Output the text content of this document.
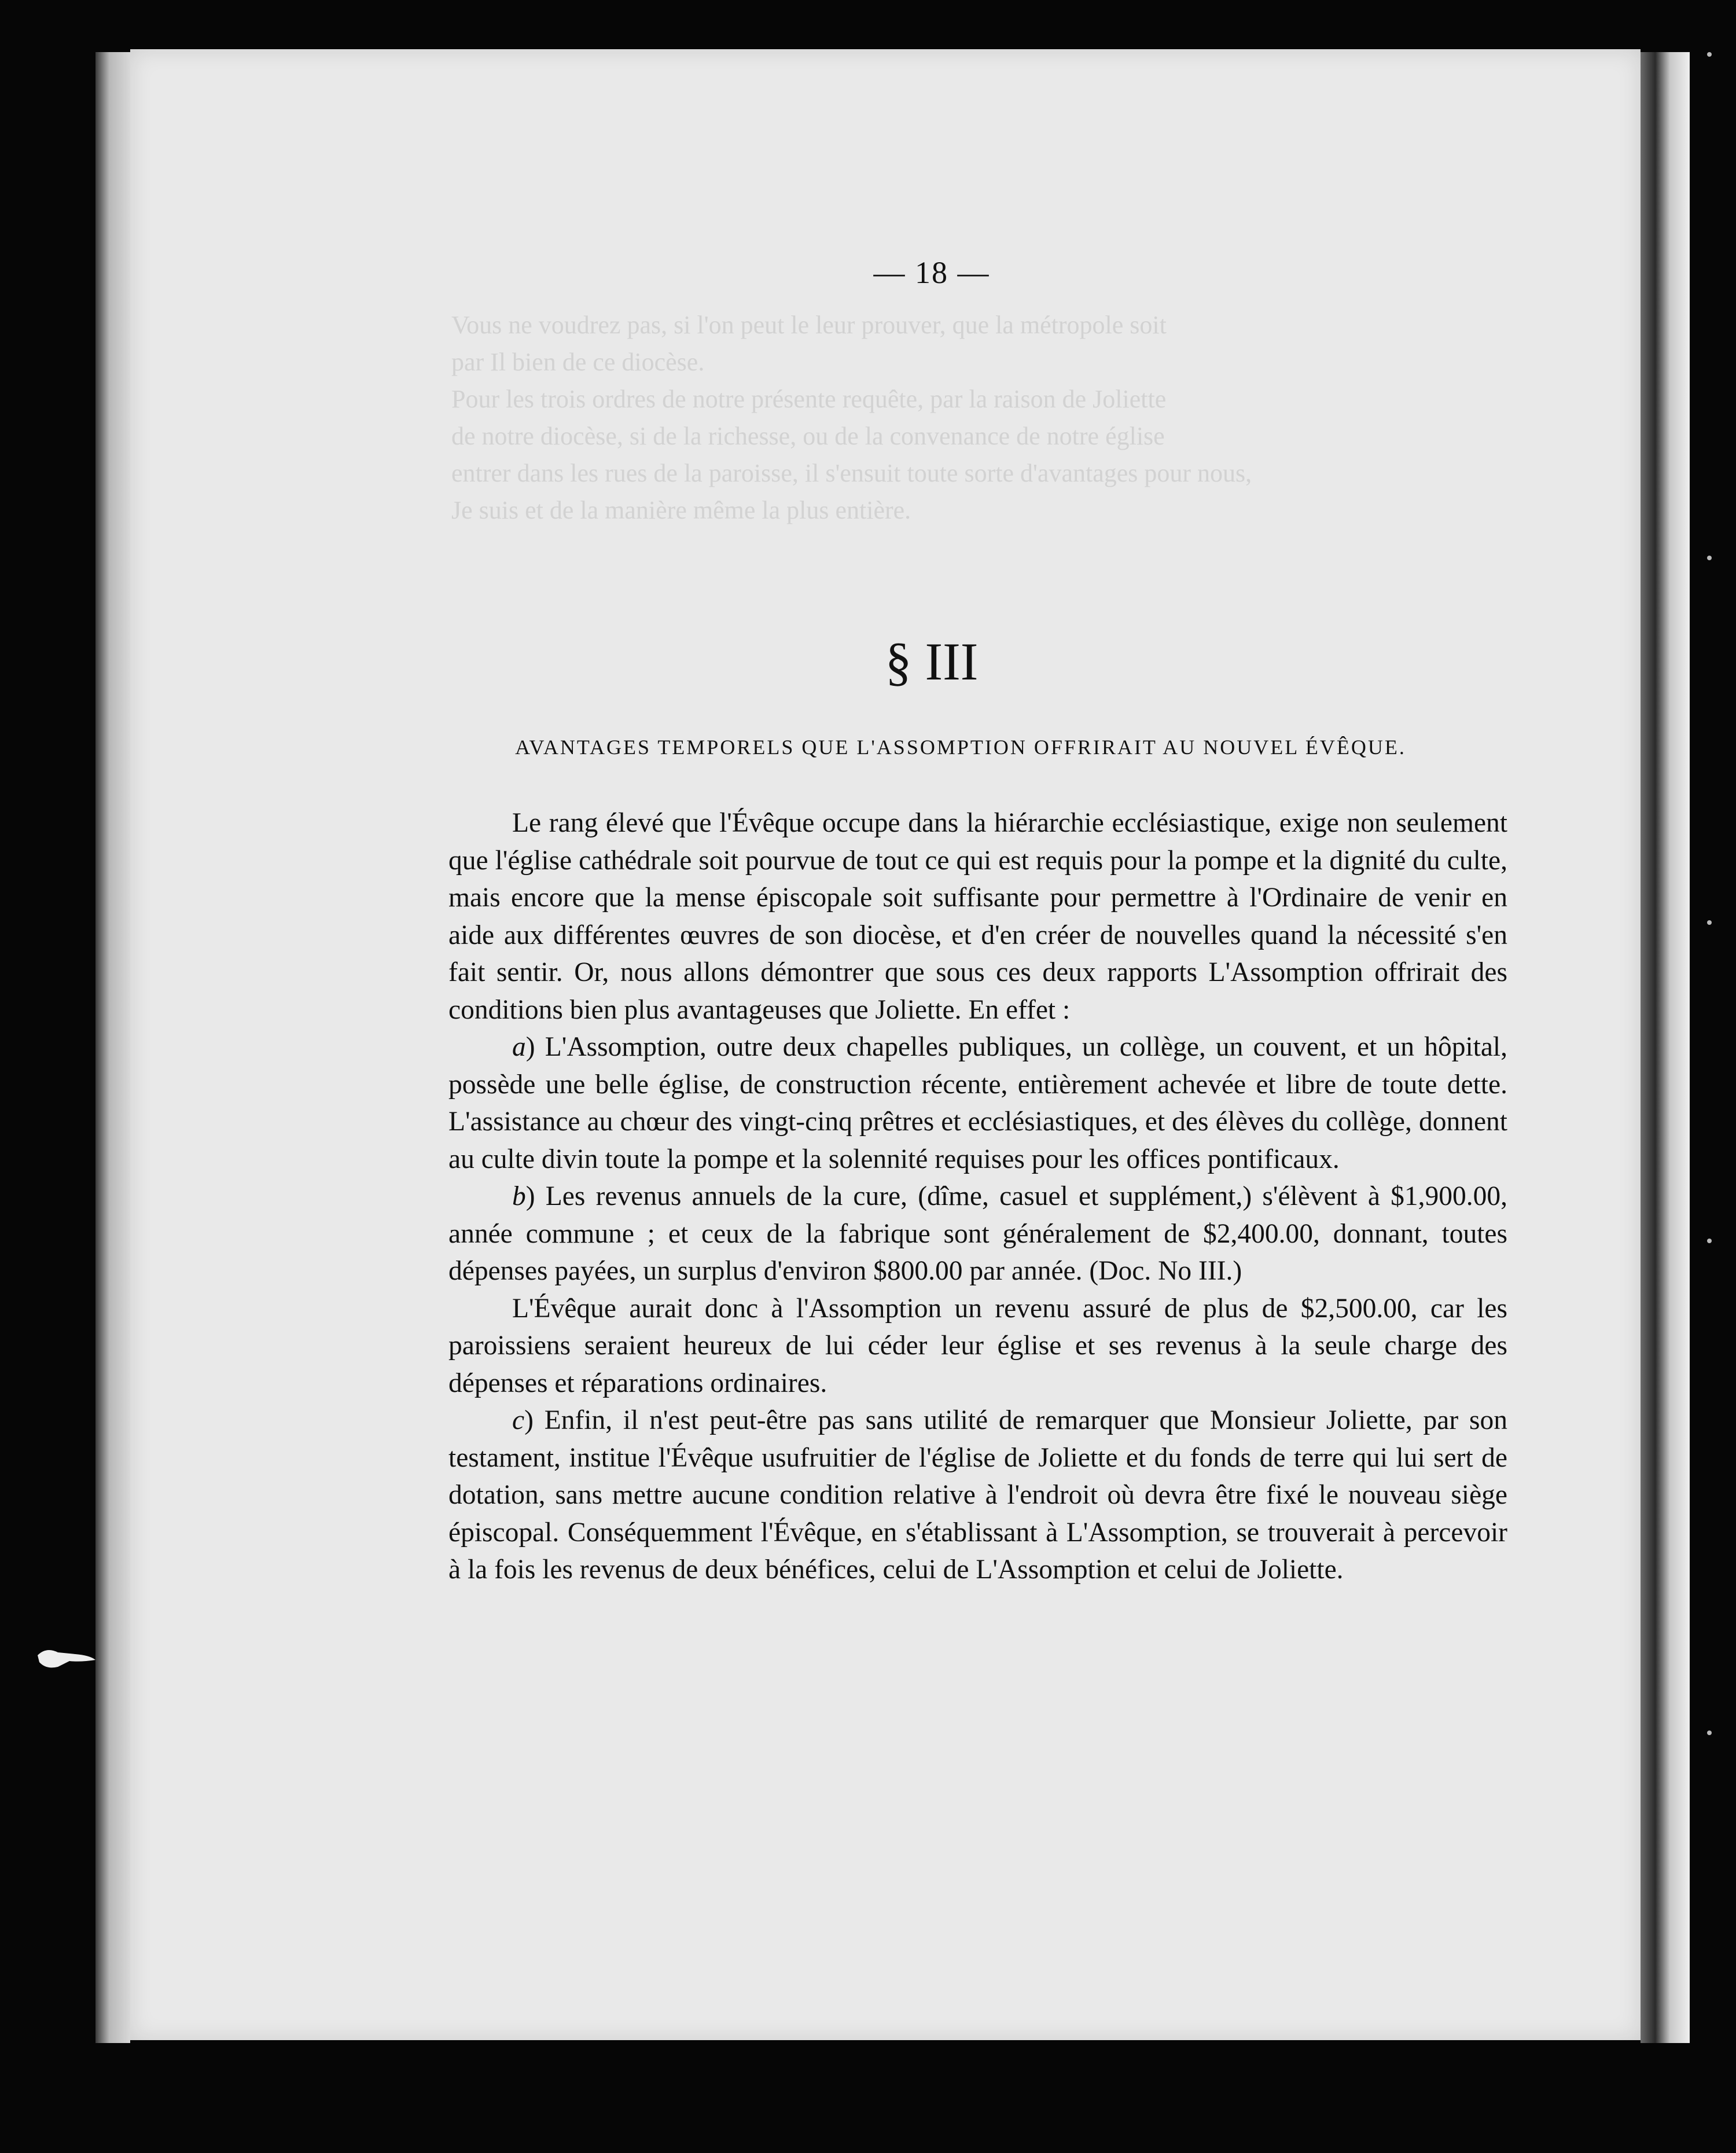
Vous ne voudrez pas, si l'on peut le leur prouver, que la métropole soit
par Il bien de ce diocèse.
Pour les trois ordres de notre présente requête, par la raison de Joliette
de notre diocèse, si de la richesse, ou de la convenance de notre église
entrer dans les rues de la paroisse, il s'ensuit toute sorte d'avantages pour nous,
Je suis et de la manière même la plus entière.
— 18 —
§ III
AVANTAGES TEMPORELS QUE L'ASSOMPTION OFFRIRAIT AU NOUVEL ÉVÊQUE.

Le rang élevé que l'Évêque occupe dans la hiérarchie ecclésiastique, exige non seulement que l'église cathédrale soit pourvue de tout ce qui est requis pour la pompe et la dignité du culte, mais encore que la mense épiscopale soit suffisante pour permettre à l'Ordinaire de venir en aide aux différentes œuvres de son diocèse, et d'en créer de nouvelles quand la nécessité s'en fait sentir. Or, nous allons démontrer que sous ces deux rapports L'Assomption offrirait des conditions bien plus avantageuses que Joliette. En effet :

a) L'Assomption, outre deux chapelles publiques, un collège, un couvent, et un hôpital, possède une belle église, de construction récente, entièrement achevée et libre de toute dette. L'assistance au chœur des vingt-cinq prêtres et ecclésiastiques, et des élèves du collège, donnent au culte divin toute la pompe et la solennité requises pour les offices pontificaux.

b) Les revenus annuels de la cure, (dîme, casuel et supplément,) s'élèvent à $1,900.00, année commune ; et ceux de la fabrique sont généralement de $2,400.00, donnant, toutes dépenses payées, un surplus d'environ $800.00 par année. (Doc. No III.)

L'Évêque aurait donc à l'Assomption un revenu assuré de plus de $2,500.00, car les paroissiens seraient heureux de lui céder leur église et ses revenus à la seule charge des dépenses et réparations ordinaires.

c) Enfin, il n'est peut-être pas sans utilité de remarquer que Monsieur Joliette, par son testament, institue l'Évêque usufruitier de l'église de Joliette et du fonds de terre qui lui sert de dotation, sans mettre aucune condition relative à l'endroit où devra être fixé le nouveau siège épiscopal. Conséquemment l'Évêque, en s'établissant à L'Assomption, se trouverait à percevoir à la fois les revenus de deux bénéfices, celui de L'Assomption et celui de Joliette.
